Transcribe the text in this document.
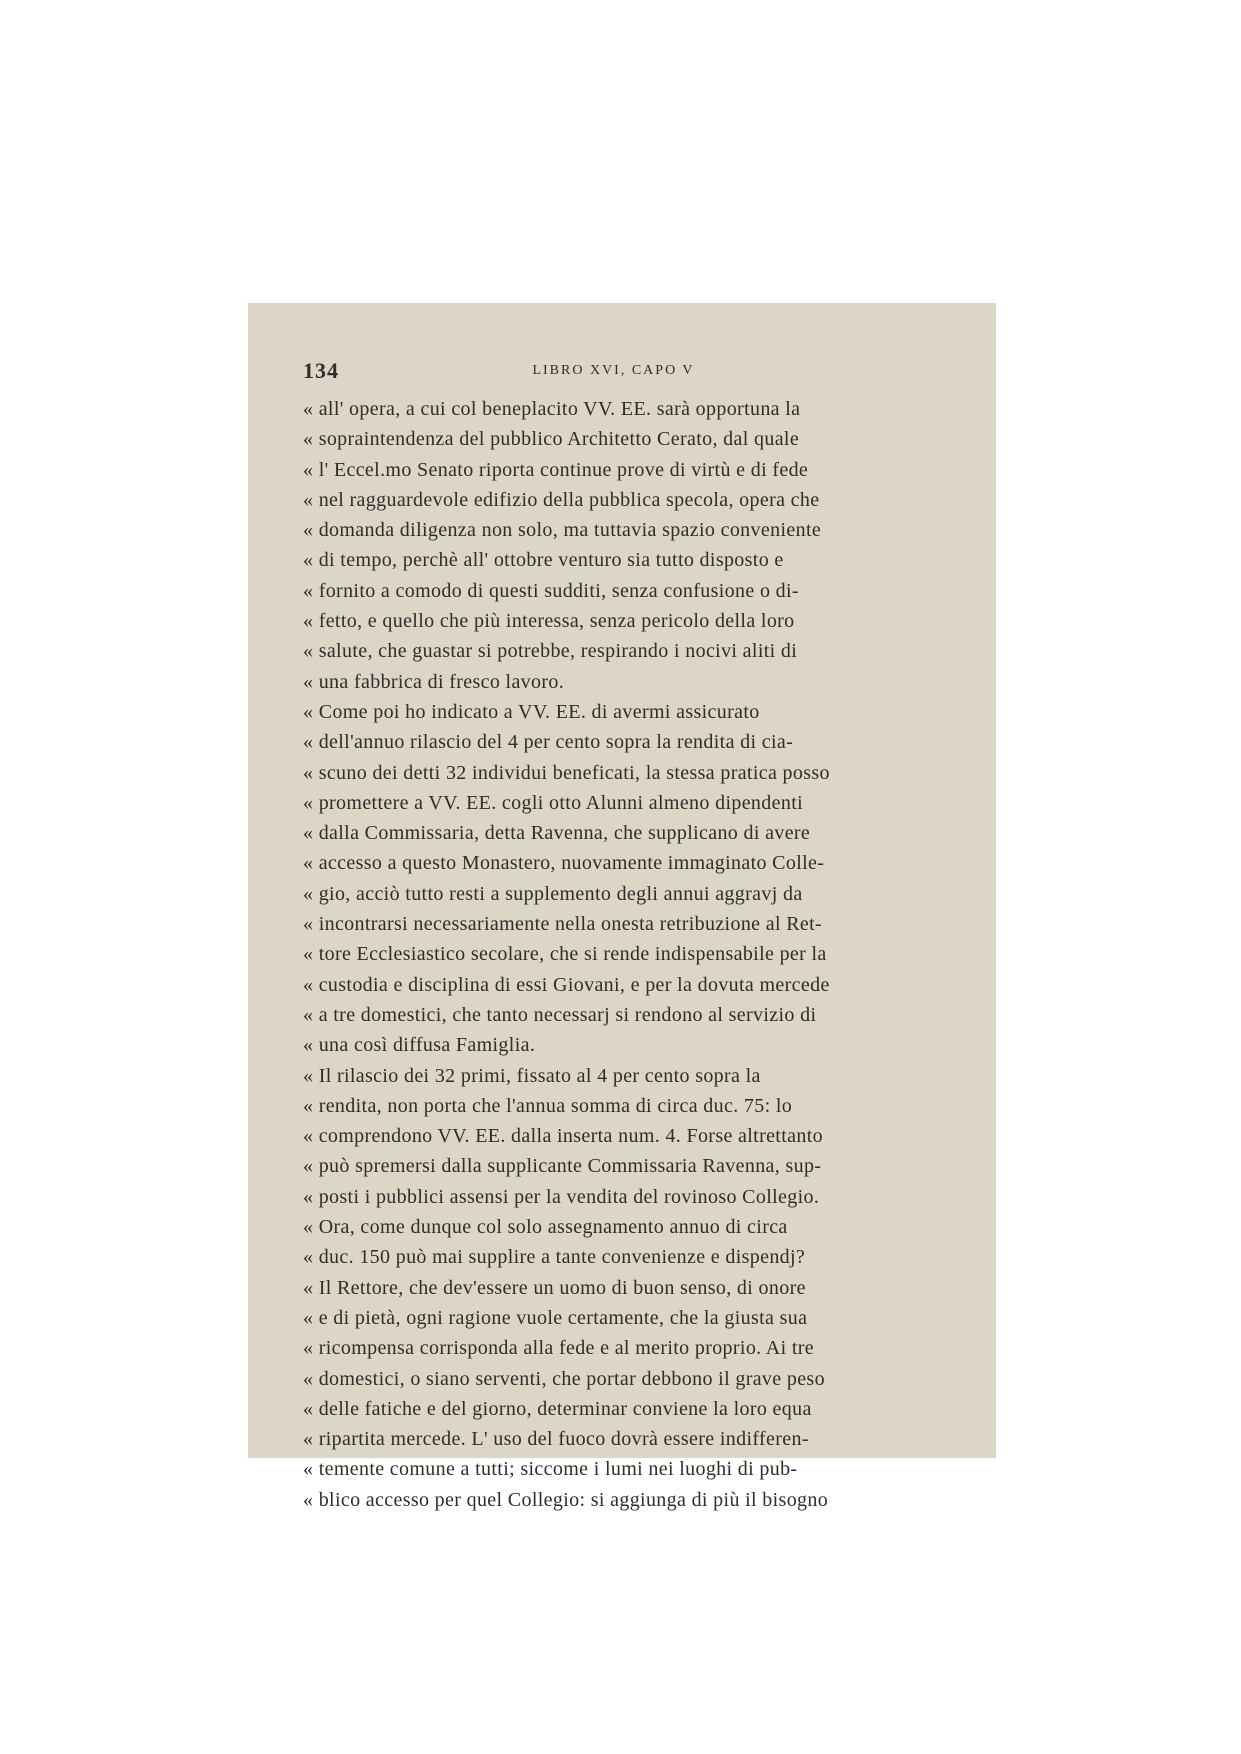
134	LIBRO XVI, CAPO V
« all' opera, a cui col beneplacito VV. EE. sarà opportuna la
« sopraintendenza del pubblico Architetto Cerato, dal quale
« l' Eccel.mo Senato riporta continue prove di virtù e di fede
« nel ragguardevole edifizio della pubblica specola, opera che
« domanda diligenza non solo, ma tuttavia spazio conveniente
« di tempo, perchè all' ottobre venturo sia tutto disposto e
« fornito a comodo di questi sudditi, senza confusione o di-
« fetto, e quello che più interessa, senza pericolo della loro
« salute, che guastar si potrebbe, respirando i nocivi aliti di
« una fabbrica di fresco lavoro.
« Come poi ho indicato a VV. EE. di avermi assicurato
« dell'annuo rilascio del 4 per cento sopra la rendita di cia-
« scuno dei detti 32 individui beneficati, la stessa pratica posso
« promettere a VV. EE. cogli otto Alunni almeno dipendenti
« dalla Commissaria, detta Ravenna, che supplicano di avere
« accesso a questo Monastero, nuovamente immaginato Colle-
« gio, acciò tutto resti a supplemento degli annui aggravj da
« incontrarsi necessariamente nella onesta retribuzione al Ret-
« tore Ecclesiastico secolare, che si rende indispensabile per la
« custodia e disciplina di essi Giovani, e per la dovuta mercede
« a tre domestici, che tanto necessarj si rendono al servizio di
« una così diffusa Famiglia.
« Il rilascio dei 32 primi, fissato al 4 per cento sopra la
« rendita, non porta che l'annua somma di circa duc. 75: lo
« comprendono VV. EE. dalla inserta num. 4. Forse altrettanto
« può spremersi dalla supplicante Commissaria Ravenna, sup-
« posti i pubblici assensi per la vendita del rovinoso Collegio.
« Ora, come dunque col solo assegnamento annuo di circa
« duc. 150 può mai supplire a tante convenienze e dispendj?
« Il Rettore, che dev'essere un uomo di buon senso, di onore
« e di pietà, ogni ragione vuole certamente, che la giusta sua
« ricompensa corrisponda alla fede e al merito proprio. Ai tre
« domestici, o siano serventi, che portar debbono il grave peso
« delle fatiche e del giorno, determinar conviene la loro equa
« ripartita mercede. L' uso del fuoco dovrà essere indifferen-
« temente comune a tutti; siccome i lumi nei luoghi di pub-
« blico accesso per quel Collegio: si aggiunga di più il bisogno
